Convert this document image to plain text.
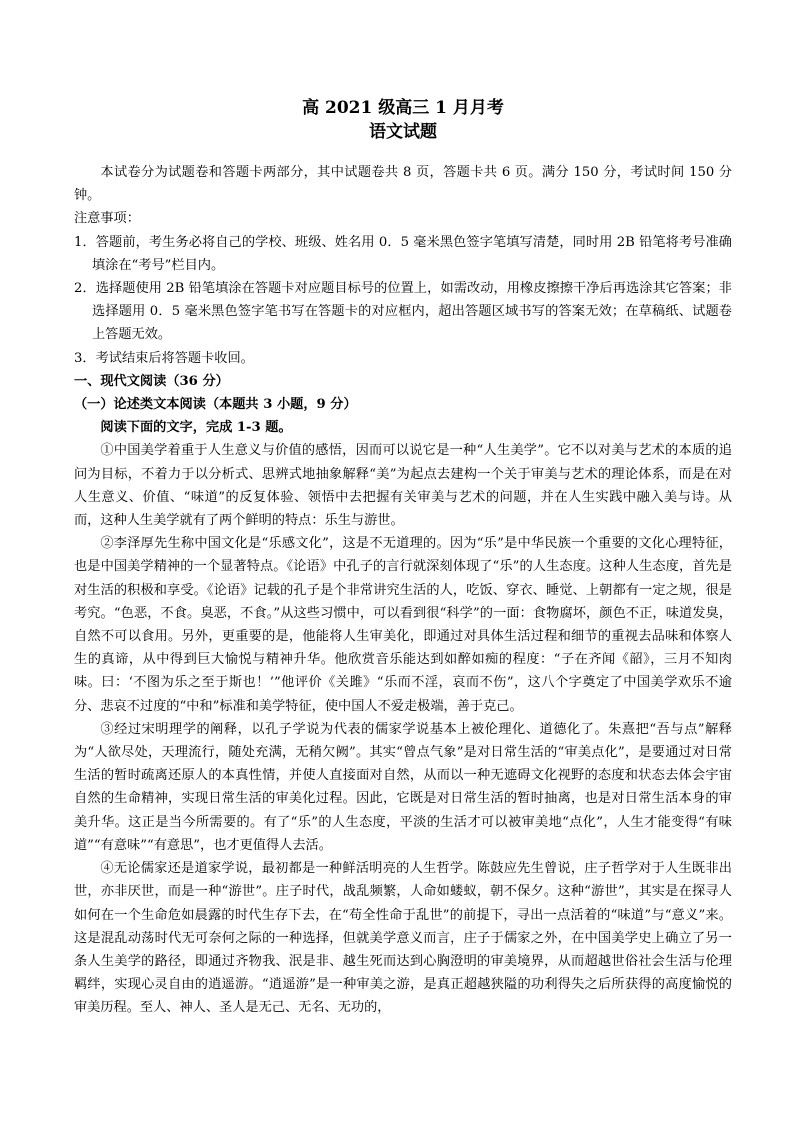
高 2021 级高三 1 月月考
语文试题

本试卷分为试题卷和答题卡两部分，其中试题卷共 8 页，答题卡共 6 页。满分 150 分，考试时间 150 分钟。

注意事项：

1．答题前，考生务必将自己的学校、班级、姓名用 0．5 毫米黑色签字笔填写清楚，同时用 2B 铅笔将考号准确填涂在“考号”栏目内。

2．选择题使用 2B 铅笔填涂在答题卡对应题目标号的位置上，如需改动，用橡皮擦擦干净后再选涂其它答案；非选择题用 0．5 毫米黑色签字笔书写在答题卡的对应框内，超出答题区域书写的答案无效；在草稿纸、试题卷上答题无效。

3．考试结束后将答题卡收回。

一、现代文阅读（36 分）

（一）论述类文本阅读（本题共 3 小题，9 分）

阅读下面的文字，完成 1-3 题。

①中国美学着重于人生意义与价值的感悟，因而可以说它是一种“人生美学”。它不以对美与艺术的本质的追问为目标，不着力于以分析式、思辨式地抽象解释“美”为起点去建构一个关于审美与艺术的理论体系，而是在对人生意义、价值、“味道”的反复体验、领悟中去把握有关审美与艺术的问题，并在人生实践中融入美与诗。从而，这种人生美学就有了两个鲜明的特点：乐生与游世。

②李泽厚先生称中国文化是“乐感文化”，这是不无道理的。因为“乐”是中华民族一个重要的文化心理特征，也是中国美学精神的一个显著特点。《论语》中孔子的言行就深刻体现了“乐”的人生态度。这种人生态度，首先是对生活的积极和享受。《论语》记载的孔子是个非常讲究生活的人，吃饭、穿衣、睡觉、上朝都有一定之规，很是考究。“色恶，不食。臭恶，不食。”从这些习惯中，可以看到很“科学”的一面：食物腐坏，颜色不正，味道发臭，自然不可以食用。另外，更重要的是，他能将人生审美化，即通过对具体生活过程和细节的重视去品味和体察人生的真谛，从中得到巨大愉悦与精神升华。他欣赏音乐能达到如醉如痴的程度：“子在齐闻《韶》，三月不知肉味。曰：‘不图为乐之至于斯也！’”他评价《关雎》“乐而不淫，哀而不伤”，这八个字奠定了中国美学欢乐不逾分、悲哀不过度的“中和”标准和美学特征，使中国人不爱走极端，善于克己。

③经过宋明理学的阐释，以孔子学说为代表的儒家学说基本上被伦理化、道德化了。朱熹把“吾与点”解释为“人欲尽处，天理流行，随处充满，无稍欠阙”。其实“曾点气象”是对日常生活的“审美点化”，是要通过对日常生活的暂时疏离还原人的本真性情，并使人直接面对自然，从而以一种无遮碍文化视野的态度和状态去体会宇宙自然的生命精神，实现日常生活的审美化过程。因此，它既是对日常生活的暂时抽离，也是对日常生活本身的审美升华。这正是当今所需要的。有了“乐”的人生态度，平淡的生活才可以被审美地“点化”，人生才能变得“有味道”“有意味”“有意思”，也才更值得人去活。

④无论儒家还是道家学说，最初都是一种鲜活明亮的人生哲学。陈鼓应先生曾说，庄子哲学对于人生既非出世，亦非厌世，而是一种“游世”。庄子时代，战乱频繁，人命如蝼蚁，朝不保夕。这种“游世”，其实是在探寻人如何在一个生命危如晨露的时代生存下去，在“苟全性命于乱世”的前提下，寻出一点活着的“味道”与“意义”来。这是混乱动荡时代无可奈何之际的一种选择，但就美学意义而言，庄子于儒家之外，在中国美学史上确立了另一条人生美学的路径，即通过齐物我、泯是非、越生死而达到心胸澄明的审美境界，从而超越世俗社会生活与伦理羁绊，实现心灵自由的逍遥游。“逍遥游”是一种审美之游，是真正超越狭隘的功利得失之后所获得的高度愉悦的审美历程。至人、神人、圣人是无己、无名、无功的，
